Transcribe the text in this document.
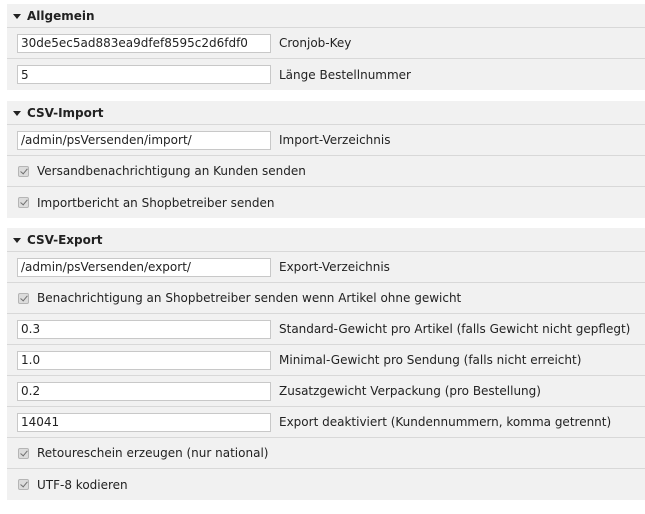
Allgemein
30de5ec5ad883ea9dfef8595c2d6fdf0
Cronjob-Key
5
Länge Bestellnummer
CSV-Import
/admin/psVersenden/import/
Import-Verzeichnis
Versandbenachrichtigung an Kunden senden
Importbericht an Shopbetreiber senden
CSV-Export
/admin/psVersenden/export/
Export-Verzeichnis
Benachrichtigung an Shopbetreiber senden wenn Artikel ohne gewicht
0.3
Standard-Gewicht pro Artikel (falls Gewicht nicht gepflegt)
1.0
Minimal-Gewicht pro Sendung (falls nicht erreicht)
0.2
Zusatzgewicht Verpackung (pro Bestellung)
14041
Export deaktiviert (Kundennummern, komma getrennt)
Retoureschein erzeugen (nur national)
UTF-8 kodieren
